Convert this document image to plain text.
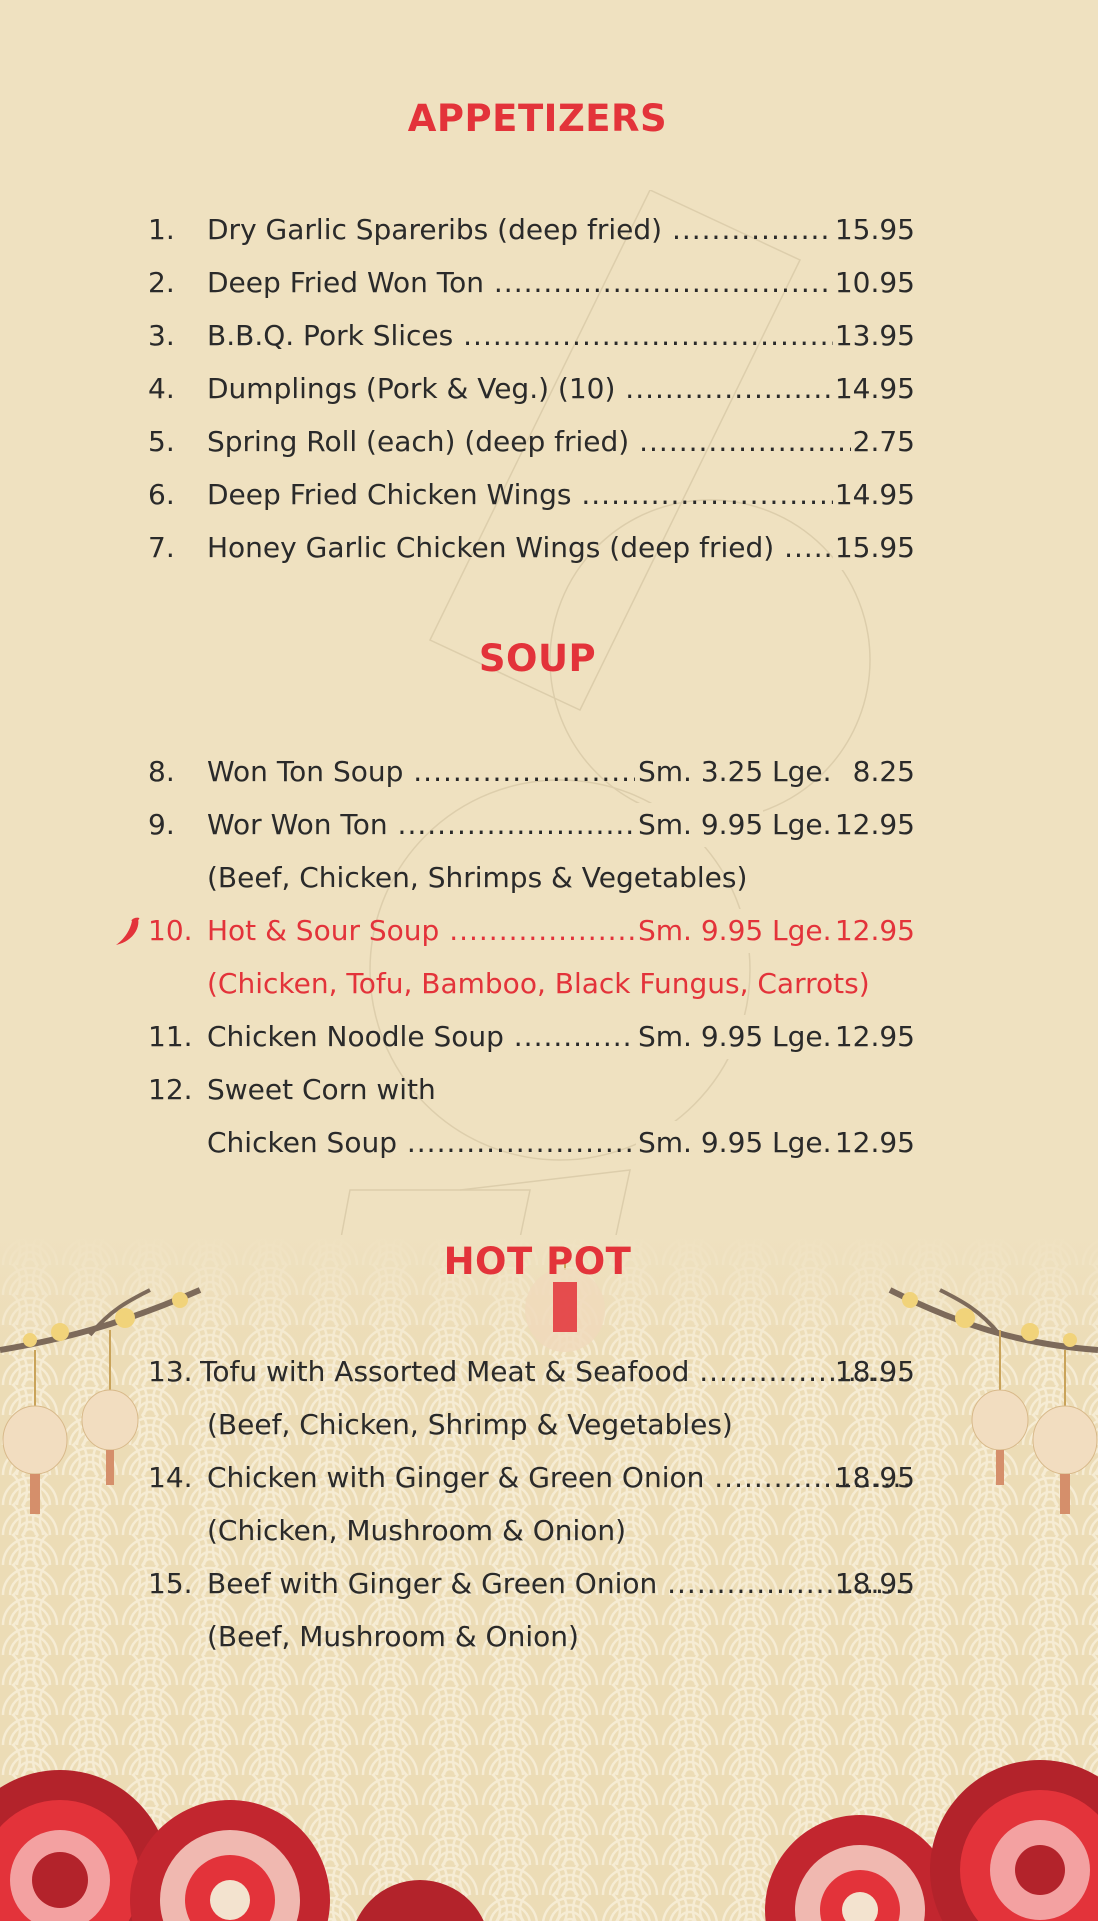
APPETIZERS
1. Dry Garlic Spareribs (deep fried) .....	15.95
2. Deep Fried Won Ton .....	10.95
3. B.B.Q. Pork Slices .....	13.95
4. Dumplings (Pork & Veg.) (10) .....	14.95
5. Spring Roll (each) (deep fried) .....	2.75
6. Deep Fried Chicken Wings .....	14.95
7. Honey Garlic Chicken Wings (deep fried) .....	15.95
SOUP
8. Won Ton Soup .....	Sm. 3.25 Lge. 8.25
9. Wor Won Ton .....	Sm. 9.95 Lge. 12.95
(Beef, Chicken, Shrimps & Vegetables)
10. Hot & Sour Soup .....	Sm. 9.95 Lge. 12.95
(Chicken, Tofu, Bamboo, Black Fungus, Carrots)
11. Chicken Noodle Soup .....	Sm. 9.95 Lge. 12.95
12. Sweet Corn with
Chicken Soup .....	Sm. 9.95 Lge. 12.95
HOT POT
13. Tofu with Assorted Meat & Seafood .....	18.95
(Beef, Chicken, Shrimp & Vegetables)
14. Chicken with Ginger & Green Onion .....	18.95
(Chicken, Mushroom & Onion)
15. Beef with Ginger & Green Onion .....	18.95
(Beef, Mushroom & Onion)
